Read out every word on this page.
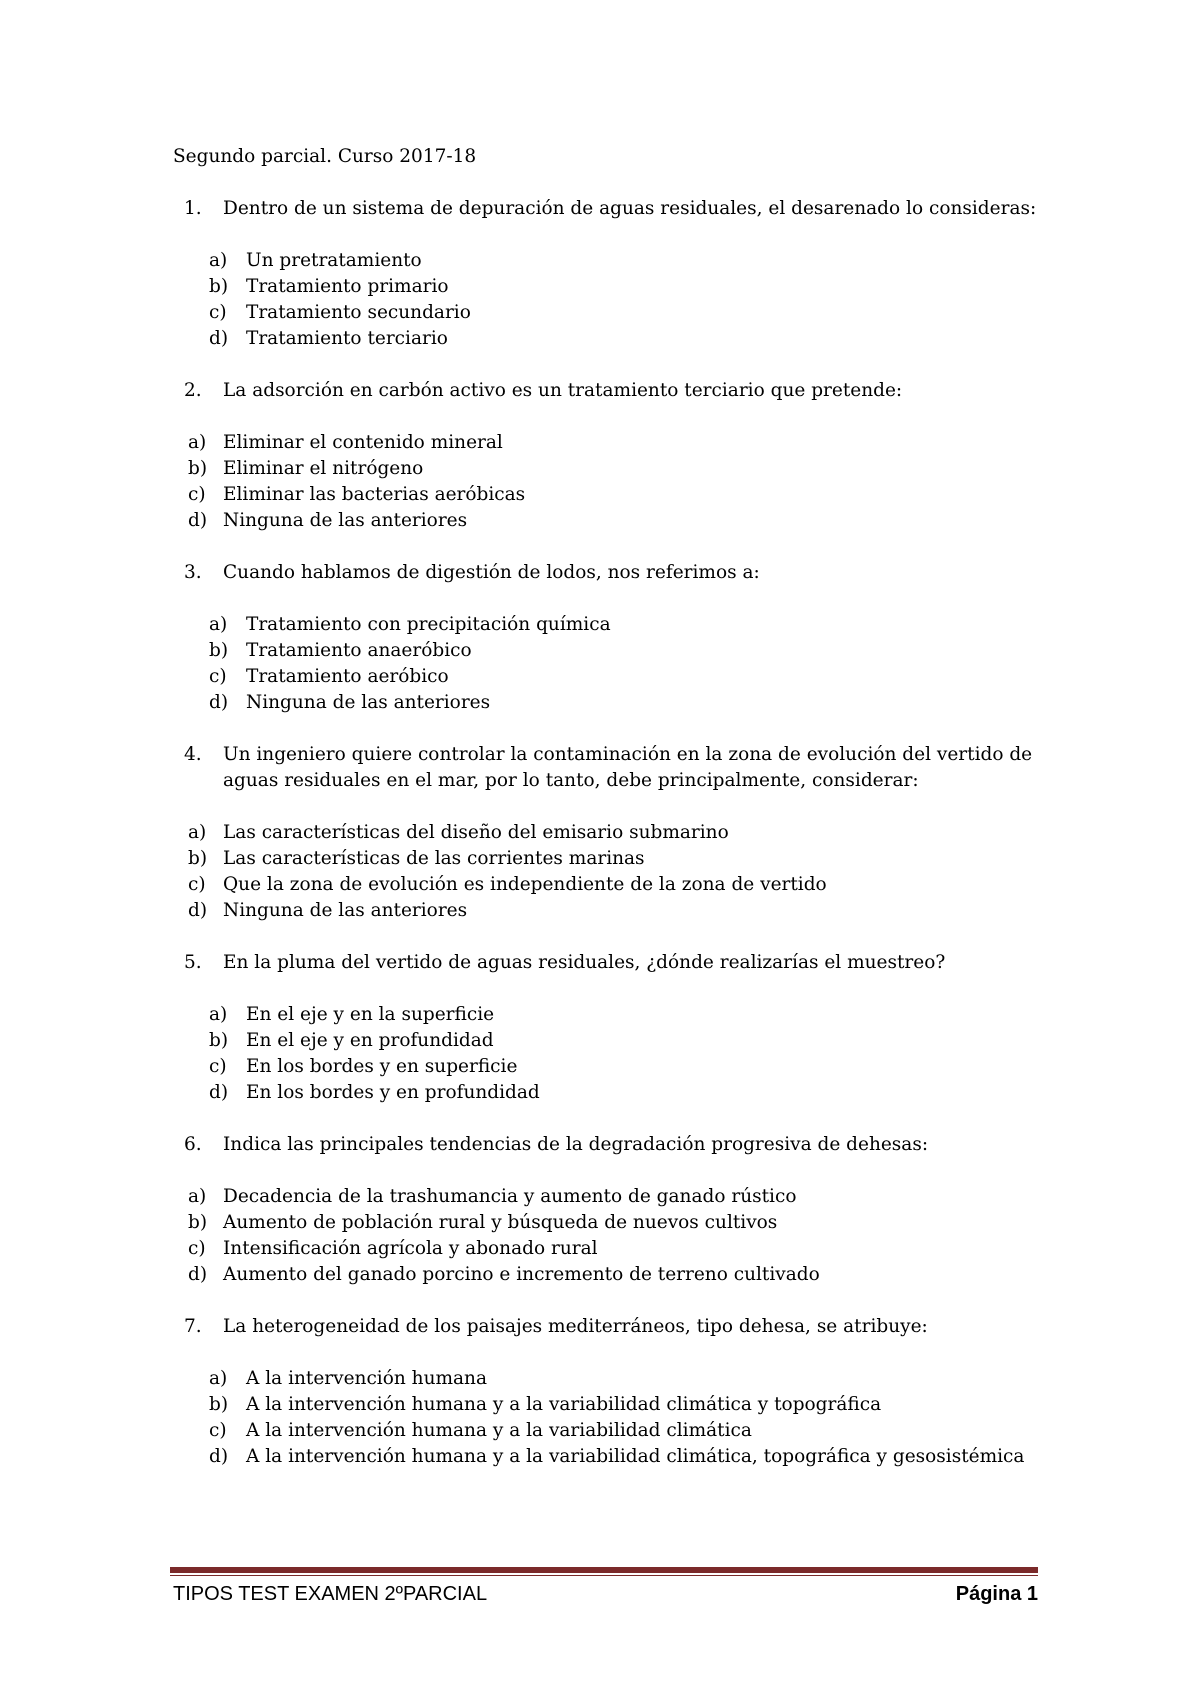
Segundo parcial. Curso 2017-18
1. Dentro de un sistema de depuración de aguas residuales, el desarenado lo consideras:
a) Un pretratamiento
b) Tratamiento primario
c) Tratamiento secundario
d) Tratamiento terciario
2. La adsorción en carbón activo es un tratamiento terciario que pretende:
a) Eliminar el contenido mineral
b) Eliminar el nitrógeno
c) Eliminar las bacterias aeróbicas
d) Ninguna de las anteriores
3. Cuando hablamos de digestión de lodos, nos referimos a:
a) Tratamiento con precipitación química
b) Tratamiento anaeróbico
c) Tratamiento aeróbico
d) Ninguna de las anteriores
4. Un ingeniero quiere controlar la contaminación en la zona de evolución del vertido de aguas residuales en el mar, por lo tanto, debe principalmente, considerar:
a) Las características del diseño del emisario submarino
b) Las características de las corrientes marinas
c) Que la zona de evolución es independiente de la zona de vertido
d) Ninguna de las anteriores
5. En la pluma del vertido de aguas residuales, ¿dónde realizarías el muestreo?
a) En el eje y en la superficie
b) En el eje y en profundidad
c) En los bordes y en superficie
d) En los bordes y en profundidad
6. Indica las principales tendencias de la degradación progresiva de dehesas:
a) Decadencia de la trashumancia y aumento de ganado rústico
b) Aumento de población rural y búsqueda de nuevos cultivos
c) Intensificación agrícola y abonado rural
d) Aumento del ganado porcino e incremento de terreno cultivado
7. La heterogeneidad de los paisajes mediterráneos, tipo dehesa, se atribuye:
a) A la intervención humana
b) A la intervención humana y a la variabilidad climática y topográfica
c) A la intervención humana y a la variabilidad climática
d) A la intervención humana y a la variabilidad climática, topográfica y gesosistémica
TIPOS TEST EXAMEN 2ºPARCIAL	Página 1
